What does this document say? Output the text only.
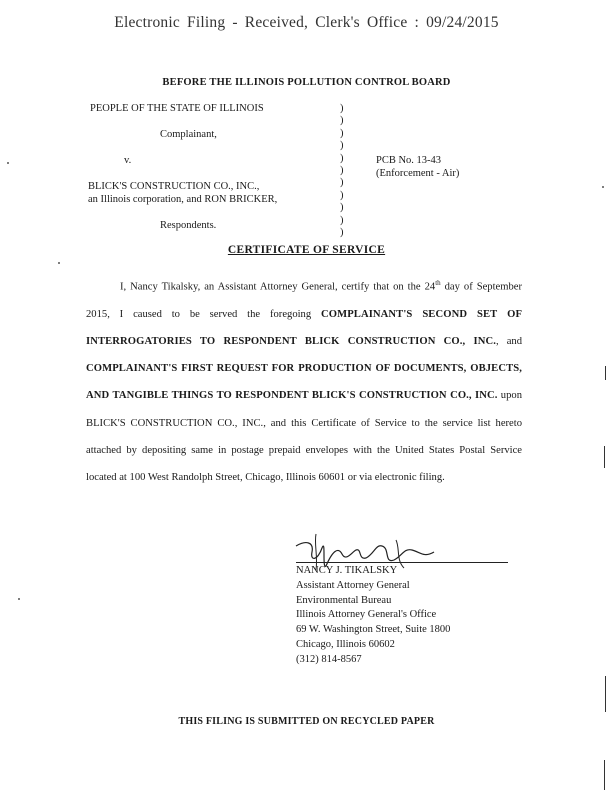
Electronic Filing - Received, Clerk's Office : 09/24/2015
BEFORE THE ILLINOIS POLLUTION CONTROL BOARD
PEOPLE OF THE STATE OF ILLINOIS
Complainant,
v.
BLICK'S CONSTRUCTION CO., INC.,
an Illinois corporation, and RON BRICKER,
Respondents.
)
)
)
)
)
)
)
)
)
)
)
PCB No. 13-43
(Enforcement - Air)
CERTIFICATE OF SERVICE
I, Nancy Tikalsky, an Assistant Attorney General, certify that on the 24th day of September 2015, I caused to be served the foregoing COMPLAINANT'S SECOND SET OF INTERROGATORIES TO RESPONDENT BLICK CONSTRUCTION CO., INC., and COMPLAINANT'S FIRST REQUEST FOR PRODUCTION OF DOCUMENTS, OBJECTS, AND TANGIBLE THINGS TO RESPONDENT BLICK'S CONSTRUCTION CO., INC. upon BLICK'S CONSTRUCTION CO., INC., and this Certificate of Service to the service list hereto attached by depositing same in postage prepaid envelopes with the United States Postal Service located at 100 West Randolph Street, Chicago, Illinois 60601 or via electronic filing.
NANCY J. TIKALSKY
Assistant Attorney General
Environmental Bureau
Illinois Attorney General's Office
69 W. Washington Street, Suite 1800
Chicago, Illinois 60602
(312) 814-8567
THIS FILING IS SUBMITTED ON RECYCLED PAPER
